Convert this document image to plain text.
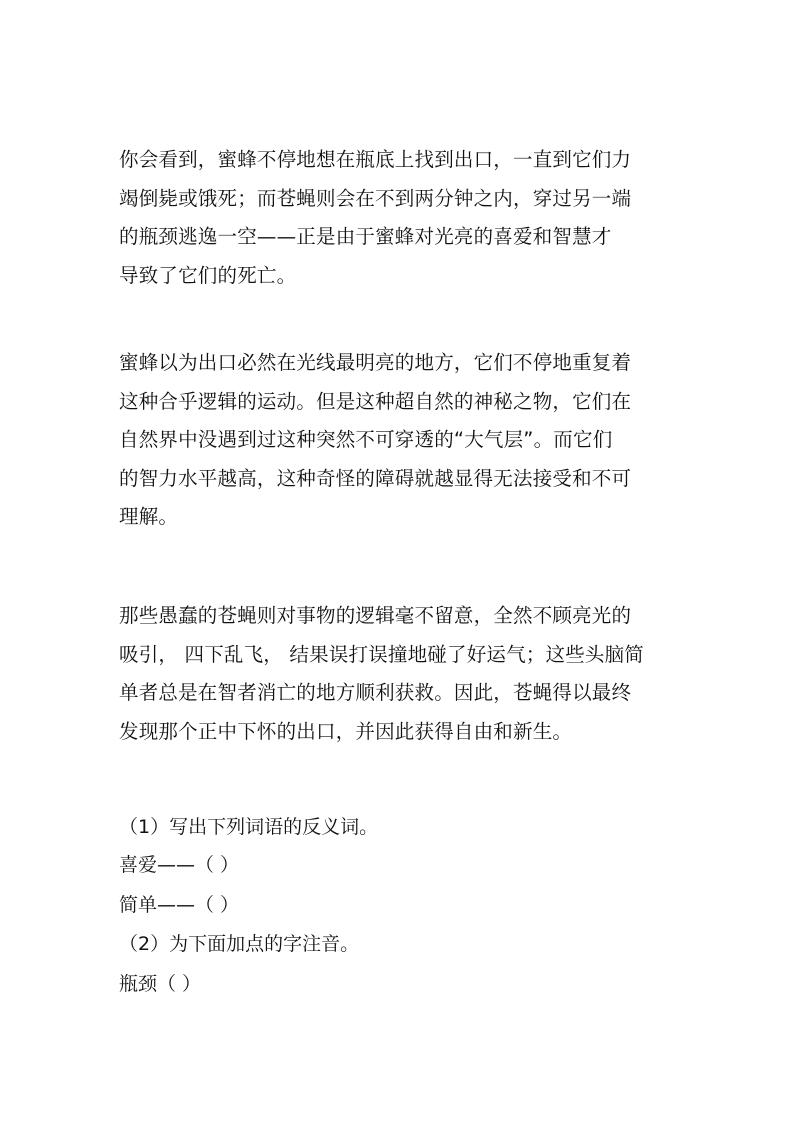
你会看到，蜜蜂不停地想在瓶底上找到出口，一直到它们力
竭倒毙或饿死；而苍蝇则会在不到两分钟之内，穿过另一端
的瓶颈逃逸一空——正是由于蜜蜂对光亮的喜爱和智慧才
导致了它们的死亡。

蜜蜂以为出口必然在光线最明亮的地方，它们不停地重复着
这种合乎逻辑的运动。但是这种超自然的神秘之物，它们在
自然界中没遇到过这种突然不可穿透的“大气层”。而它们
的智力水平越高，这种奇怪的障碍就越显得无法接受和不可
理解。

那些愚蠢的苍蝇则对事物的逻辑毫不留意，全然不顾亮光的
吸引， 四下乱飞， 结果误打误撞地碰了好运气；这些头脑简
单者总是在智者消亡的地方顺利获救。因此，苍蝇得以最终
发现那个正中下怀的出口，并因此获得自由和新生。

（1）写出下列词语的反义词。

喜爱——（ ）

简单——（ ）

（2）为下面加点的字注音。

瓶颈（ ）
